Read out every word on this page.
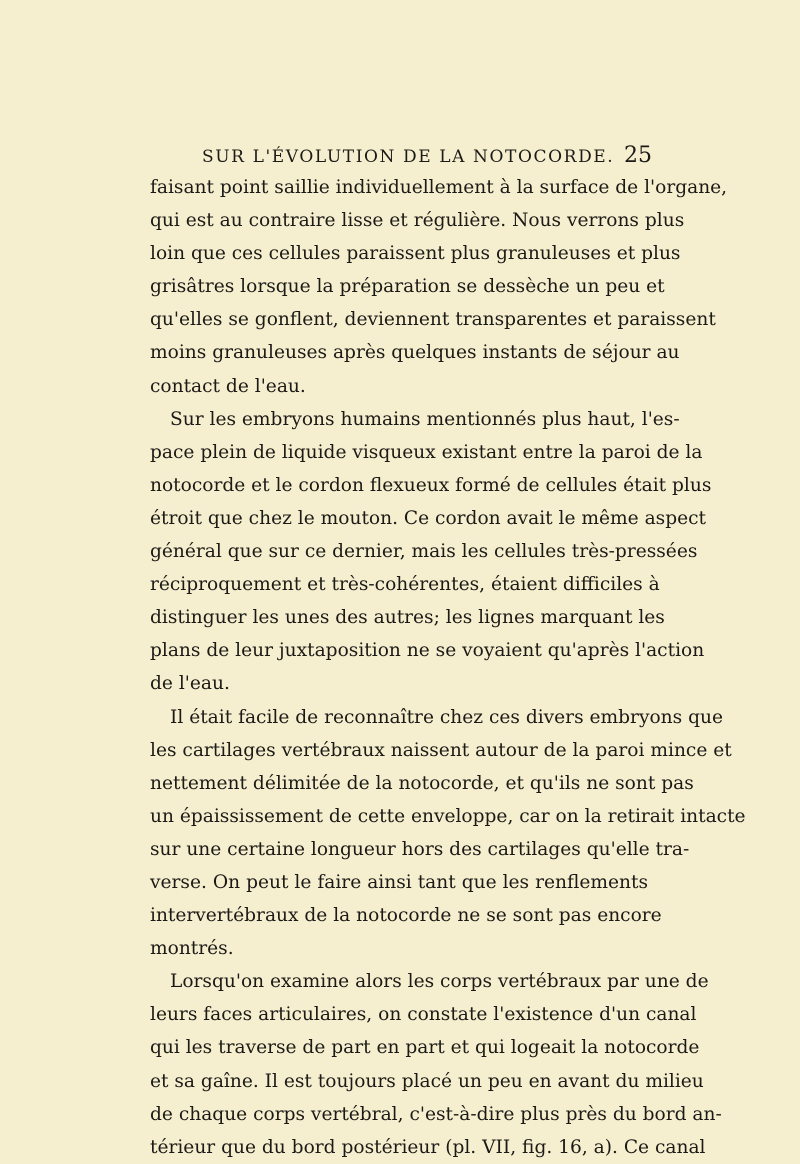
SUR L'ÉVOLUTION DE LA NOTOCORDE. 25
faisant point saillie individuellement à la surface de l'organe,
qui est au contraire lisse et régulière. Nous verrons plus
loin que ces cellules paraissent plus granuleuses et plus
grisâtres lorsque la préparation se dessèche un peu et
qu'elles se gonflent, deviennent transparentes et paraissent
moins granuleuses après quelques instants de séjour au
contact de l'eau.
Sur les embryons humains mentionnés plus haut, l'es-
pace plein de liquide visqueux existant entre la paroi de la
notocorde et le cordon flexueux formé de cellules était plus
étroit que chez le mouton. Ce cordon avait le même aspect
général que sur ce dernier, mais les cellules très-pressées
réciproquement et très-cohérentes, étaient difficiles à
distinguer les unes des autres; les lignes marquant les
plans de leur juxtaposition ne se voyaient qu'après l'action
de l'eau.
Il était facile de reconnaître chez ces divers embryons que
les cartilages vertébraux naissent autour de la paroi mince et
nettement délimitée de la notocorde, et qu'ils ne sont pas
un épaississement de cette enveloppe, car on la retirait intacte
sur une certaine longueur hors des cartilages qu'elle tra-
verse. On peut le faire ainsi tant que les renflements
intervertébraux de la notocorde ne se sont pas encore
montrés.
Lorsqu'on examine alors les corps vertébraux par une de
leurs faces articulaires, on constate l'existence d'un canal
qui les traverse de part en part et qui logeait la notocorde
et sa gaîne. Il est toujours placé un peu en avant du milieu
de chaque corps vertébral, c'est-à-dire plus près du bord an-
térieur que du bord postérieur (pl. VII, fig. 16, a). Ce canal
